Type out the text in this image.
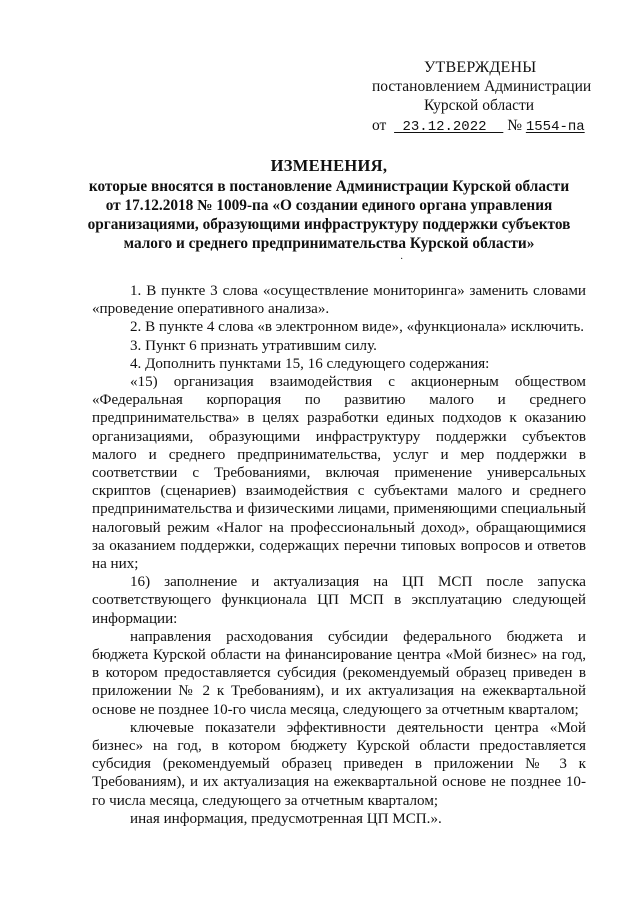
УТВЕРЖДЕНЫ
постановлением Администрации
Курской области
от 23.12.2022 № 1554-па
ИЗМЕНЕНИЯ,
которые вносятся в постановление Администрации Курской области
от 17.12.2018 № 1009-па «О создании единого органа управления
организациями, образующими инфраструктуру поддержки субъектов
малого и среднего предпринимательства Курской области»
·

1. В пункте 3 слова «осуществление мониторинга» заменить словами «проведение оперативного анализа».

2. В пункте 4 слова «в электронном виде», «функционала» исключить.

3. Пункт 6 признать утратившим силу.

4. Дополнить пунктами 15, 16 следующего содержания:

«15) организация взаимодействия с акционерным обществом «Федеральная корпорация по развитию малого и среднего предпринимательства» в целях разработки единых подходов к оказанию организациями, образующими инфраструктуру поддержки субъектов малого и среднего предпринимательства, услуг и мер поддержки в соответствии с Требованиями, включая применение универсальных скриптов (сценариев) взаимодействия с субъектами малого и среднего предпринимательства и физическими лицами, применяющими специальный налоговый режим «Налог на профессиональный доход», обращающимися за оказанием поддержки, содержащих перечни типовых вопросов и ответов на них;

16) заполнение и актуализация на ЦП МСП после запуска соответствующего функционала ЦП МСП в эксплуатацию следующей информации:

направления расходования субсидии федерального бюджета и бюджета Курской области на финансирование центра «Мой бизнес» на год, в котором предоставляется субсидия (рекомендуемый образец приведен в приложении № 2 к Требованиям), и их актуализация на ежеквартальной основе не позднее 10-го числа месяца, следующего за отчетным кварталом;

ключевые показатели эффективности деятельности центра «Мой бизнес» на год, в котором бюджету Курской области предоставляется субсидия (рекомендуемый образец приведен в приложении № 3 к Требованиям), и их актуализация на ежеквартальной основе не позднее 10-го числа месяца, следующего за отчетным кварталом;

иная информация, предусмотренная ЦП МСП.».
